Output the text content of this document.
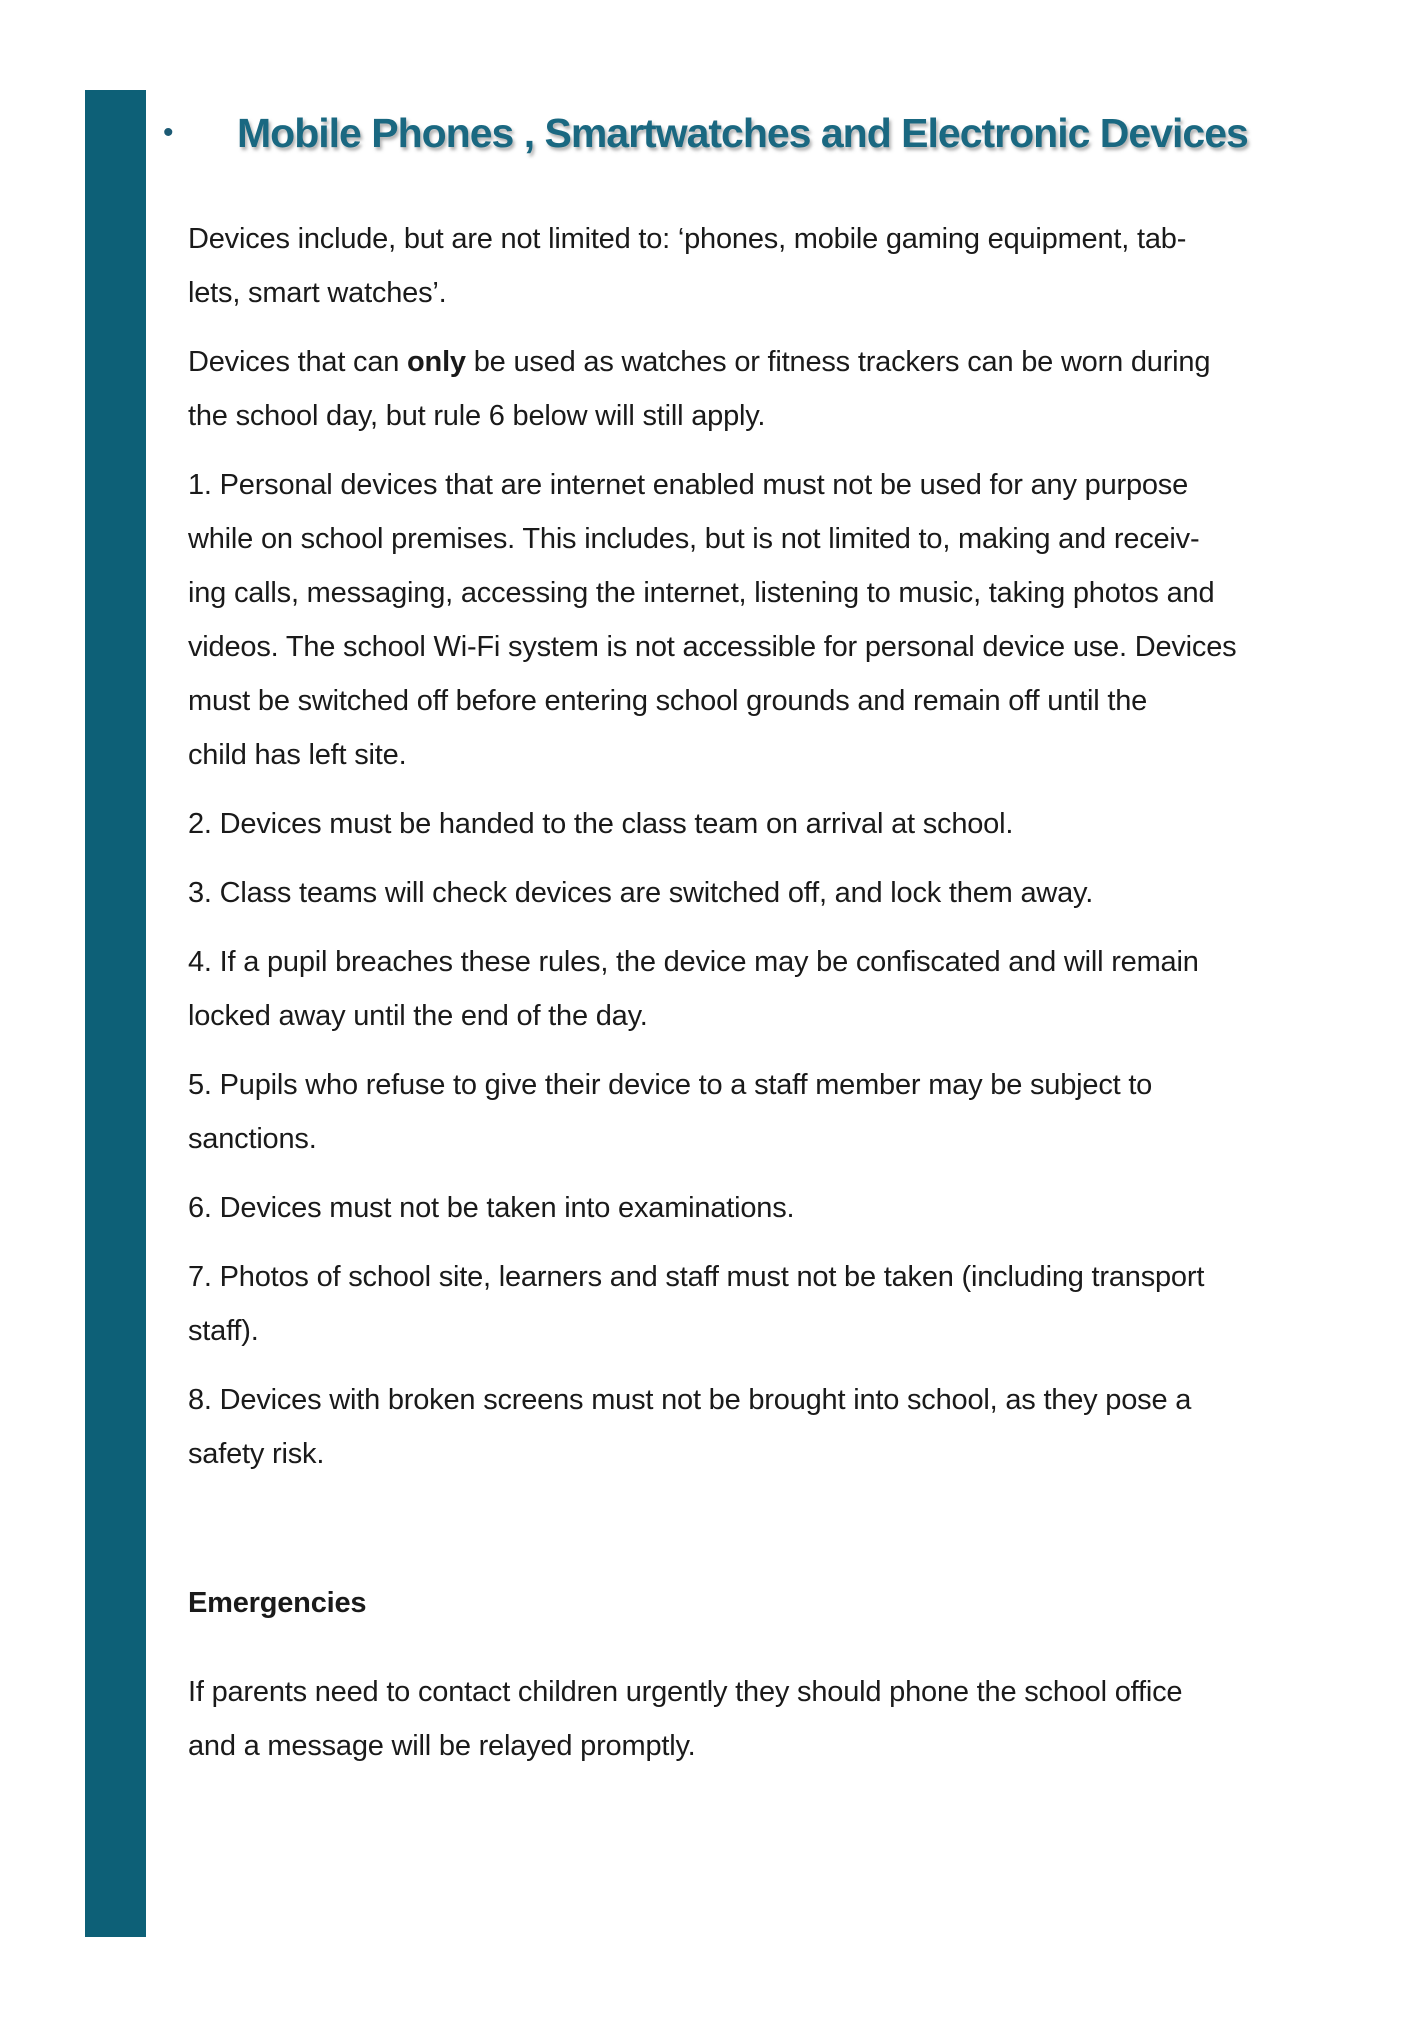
•	Mobile Phones , Smartwatches and Electronic Devices

Devices include, but are not limited to: ‘phones, mobile gaming equipment, tab-
lets, smart watches’.

Devices that can only be used as watches or fitness trackers can be worn during
the school day, but rule 6 below will still apply.

1. Personal devices that are internet enabled must not be used for any purpose
while on school premises. This includes, but is not limited to, making and receiv-
ing calls, messaging, accessing the internet, listening to music, taking photos and
videos. The school Wi-Fi system is not accessible for personal device use. Devices
must be switched off before entering school grounds and remain off until the
child has left site.

2. Devices must be handed to the class team on arrival at school.

3. Class teams will check devices are switched off, and lock them away.

4. If a pupil breaches these rules, the device may be confiscated and will remain
locked away until the end of the day.

5. Pupils who refuse to give their device to a staff member may be subject to
sanctions.

6. Devices must not be taken into examinations.

7. Photos of school site, learners and staff must not be taken (including transport
staff).

8. Devices with broken screens must not be brought into school, as they pose a
safety risk.

Emergencies

If parents need to contact children urgently they should phone the school office
and a message will be relayed promptly.
